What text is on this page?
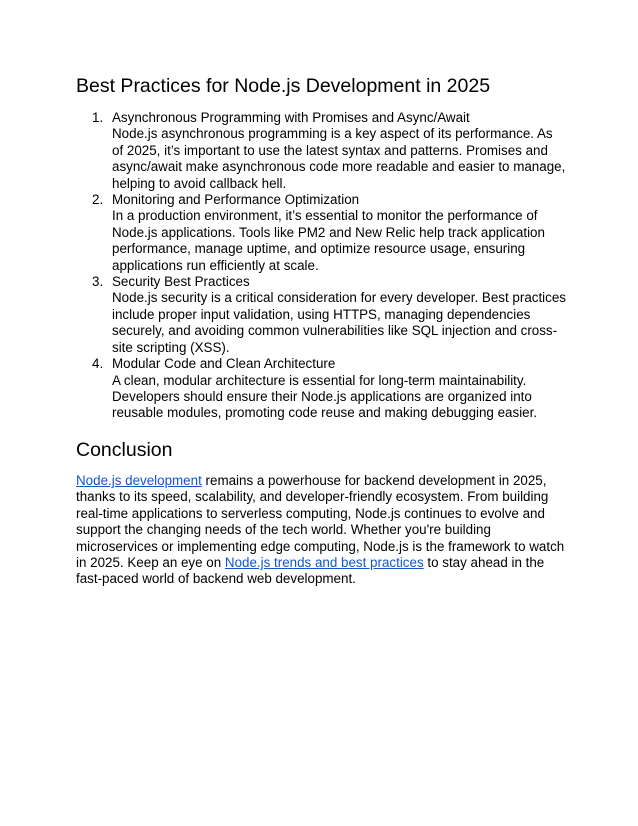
Best Practices for Node.js Development in 2025
1. Asynchronous Programming with Promises and Async/Await
Node.js asynchronous programming is a key aspect of its performance. As of 2025, it’s important to use the latest syntax and patterns. Promises and async/await make asynchronous code more readable and easier to manage, helping to avoid callback hell.
2. Monitoring and Performance Optimization
In a production environment, it’s essential to monitor the performance of Node.js applications. Tools like PM2 and New Relic help track application performance, manage uptime, and optimize resource usage, ensuring applications run efficiently at scale.
3. Security Best Practices
Node.js security is a critical consideration for every developer. Best practices include proper input validation, using HTTPS, managing dependencies securely, and avoiding common vulnerabilities like SQL injection and cross-site scripting (XSS).
4. Modular Code and Clean Architecture
A clean, modular architecture is essential for long-term maintainability. Developers should ensure their Node.js applications are organized into reusable modules, promoting code reuse and making debugging easier.
Conclusion

Node.js development remains a powerhouse for backend development in 2025, thanks to its speed, scalability, and developer-friendly ecosystem. From building real-time applications to serverless computing, Node.js continues to evolve and support the changing needs of the tech world. Whether you're building microservices or implementing edge computing, Node.js is the framework to watch in 2025. Keep an eye on Node.js trends and best practices to stay ahead in the fast-paced world of backend web development.
